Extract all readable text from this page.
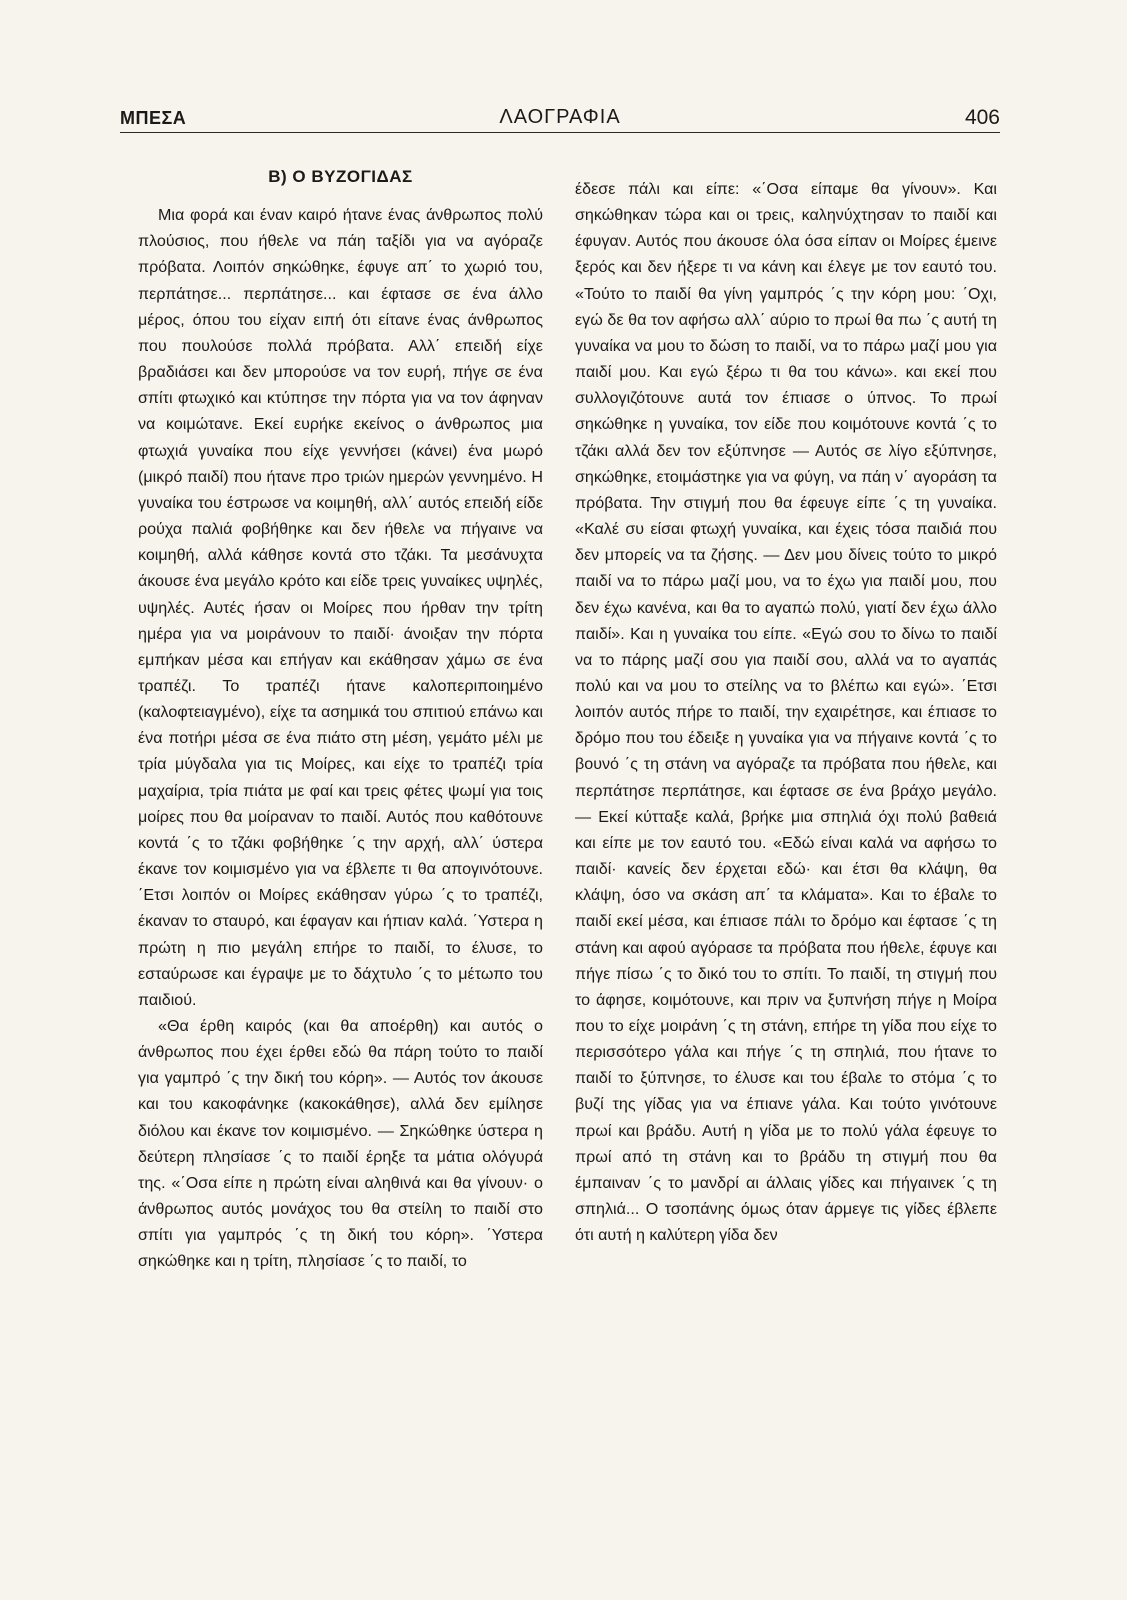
ΜΠΕΣΑ	ΛΑΟΓΡΑΦΙΑ	406
Β) Ο ΒΥΖΟΓΙΔΑΣ

Μια φορά και έναν καιρό ήτανε ένας άνθρωπος πολύ πλούσιος, που ήθελε να πάη ταξίδι για να αγόραζε πρόβατα. Λοιπόν σηκώθηκε, έφυγε απ΄ το χωριό του, περπάτησε... περπάτησε... και έφτασε σε ένα άλλο μέρος, όπου του είχαν ειπή ότι είτανε ένας άνθρωπος που πουλούσε πολλά πρόβατα. Αλλ΄ επειδή είχε βραδιάσει και δεν μπορούσε να τον ευρή, πήγε σε ένα σπίτι φτωχικό και κτύπησε την πόρτα για να τον άφηναν να κοιμώτανε. Εκεί ευρήκε εκείνος ο άνθρωπος μια φτωχιά γυναίκα που είχε γεννήσει (κάνει) ένα μωρό (μικρό παιδί) που ήτανε προ τριών ημερών γεννημένο. Η γυναίκα του έστρωσε να κοιμηθή, αλλ΄ αυτός επειδή είδε ρούχα παλιά φοβήθηκε και δεν ήθελε να πήγαινε να κοιμηθή, αλλά κάθησε κοντά στο τζάκι. Τα μεσάνυχτα άκουσε ένα μεγάλο κρότο και είδε τρεις γυναίκες υψηλές, υψηλές. Αυτές ήσαν οι Μοίρες που ήρθαν την τρίτη ημέρα για να μοιράνουν το παιδί· άνοιξαν την πόρτα εμπήκαν μέσα και επήγαν και εκάθησαν χάμω σε ένα τραπέζι. Το τραπέζι ήτανε καλοπεριποιημένο (καλοφτειαγμένο), είχε τα ασημικά του σπιτιού επάνω και ένα ποτήρι μέσα σε ένα πιάτο στη μέση, γεμάτο μέλι με τρία μύγδαλα για τις Μοίρες, και είχε το τραπέζι τρία μαχαίρια, τρία πιάτα με φαί και τρεις φέτες ψωμί για τοις μοίρες που θα μοίραναν το παιδί. Αυτός που καθότουνε κοντά ΄ς το τζάκι φοβήθηκε ΄ς την αρχή, αλλ΄ ύστερα έκανε τον κοιμισμένο για να έβλεπε τι θα απογινότουνε. ΄Ετσι λοιπόν οι Μοίρες εκάθησαν γύρω ΄ς το τραπέζι, έκαναν το σταυρό, και έφαγαν και ήπιαν καλά. ΄Υστερα η πρώτη η πιο μεγάλη επήρε το παιδί, το έλυσε, το εσταύρωσε και έγραψε με το δάχτυλο ΄ς το μέτωπο του παιδιού.

«Θα έρθη καιρός (και θα αποέρθη) και αυτός ο άνθρωπος που έχει έρθει εδώ θα πάρη τούτο το παιδί για γαμπρό ΄ς την δική του κόρη». — Αυτός τον άκουσε και του κακοφάνηκε (κακοκάθησε), αλλά δεν εμίλησε διόλου και έκανε τον κοιμισμένο. — Σηκώθηκε ύστερα η δεύτερη πλησίασε ΄ς το παιδί έρηξε τα μάτια ολόγυρά της. «΄Οσα είπε η πρώτη είναι αληθινά και θα γίνουν· ο άνθρωπος αυτός μονάχος του θα στείλη το παιδί στο σπίτι για γαμπρός ΄ς τη δική του κόρη». ΄Υστερα σηκώθηκε και η τρίτη, πλησίασε ΄ς το παιδί, το

έδεσε πάλι και είπε: «΄Οσα είπαμε θα γίνουν». Και σηκώθηκαν τώρα και οι τρεις, καληνύχτησαν το παιδί και έφυγαν. Αυτός που άκουσε όλα όσα είπαν οι Μοίρες έμεινε ξερός και δεν ήξερε τι να κάνη και έλεγε με τον εαυτό του. «Τούτο το παιδί θα γίνη γαμπρός ΄ς την κόρη μου: ΄Οχι, εγώ δε θα τον αφήσω αλλ΄ αύριο το πρωί θα πω ΄ς αυτή τη γυναίκα να μου το δώση το παιδί, να το πάρω μαζί μου για παιδί μου. Και εγώ ξέρω τι θα του κάνω». και εκεί που συλλογιζότουνε αυτά τον έπιασε ο ύπνος. Το πρωί σηκώθηκε η γυναίκα, τον είδε που κοιμότουνε κοντά ΄ς το τζάκι αλλά δεν τον εξύπνησε — Αυτός σε λίγο εξύπνησε, σηκώθηκε, ετοιμάστηκε για να φύγη, να πάη ν΄ αγοράση τα πρόβατα. Την στιγμή που θα έφευγε είπε ΄ς τη γυναίκα. «Καλέ συ είσαι φτωχή γυναίκα, και έχεις τόσα παιδιά που δεν μπορείς να τα ζήσης. — Δεν μου δίνεις τούτο το μικρό παιδί να το πάρω μαζί μου, να το έχω για παιδί μου, που δεν έχω κανένα, και θα το αγαπώ πολύ, γιατί δεν έχω άλλο παιδί». Και η γυναίκα του είπε. «Εγώ σου το δίνω το παιδί να το πάρης μαζί σου για παιδί σου, αλλά να το αγαπάς πολύ και να μου το στείλης να το βλέπω και εγώ». ΄Ετσι λοιπόν αυτός πήρε το παιδί, την εχαιρέτησε, και έπιασε το δρόμο που του έδειξε η γυναίκα για να πήγαινε κοντά ΄ς το βουνό ΄ς τη στάνη να αγόραζε τα πρόβατα που ήθελε, και περπάτησε περπάτησε, και έφτασε σε ένα βράχο μεγάλο. — Εκεί κύτταξε καλά, βρήκε μια σπηλιά όχι πολύ βαθειά και είπε με τον εαυτό του. «Εδώ είναι καλά να αφήσω το παιδί· κανείς δεν έρχεται εδώ· και έτσι θα κλάψη, θα κλάψη, όσο να σκάση απ΄ τα κλάματα». Και το έβαλε το παιδί εκεί μέσα, και έπιασε πάλι το δρόμο και έφτασε ΄ς τη στάνη και αφού αγόρασε τα πρόβατα που ήθελε, έφυγε και πήγε πίσω ΄ς το δικό του το σπίτι. Το παιδί, τη στιγμή που το άφησε, κοιμότουνε, και πριν να ξυπνήση πήγε η Μοίρα που το είχε μοιράνη ΄ς τη στάνη, επήρε τη γίδα που είχε το περισσότερο γάλα και πήγε ΄ς τη σπηλιά, που ήτανε το παιδί το ξύπνησε, το έλυσε και του έβαλε το στόμα ΄ς το βυζί της γίδας για να έπιανε γάλα. Και τούτο γινότουνε πρωί και βράδυ. Αυτή η γίδα με το πολύ γάλα έφευγε το πρωί από τη στάνη και το βράδυ τη στιγμή που θα έμπαιναν ΄ς το μανδρί αι άλλαις γίδες και πήγαινεκ ΄ς τη σπηλιά... Ο τσοπάνης όμως όταν άρμεγε τις γίδες έβλεπε ότι αυτή η καλύτερη γίδα δεν
